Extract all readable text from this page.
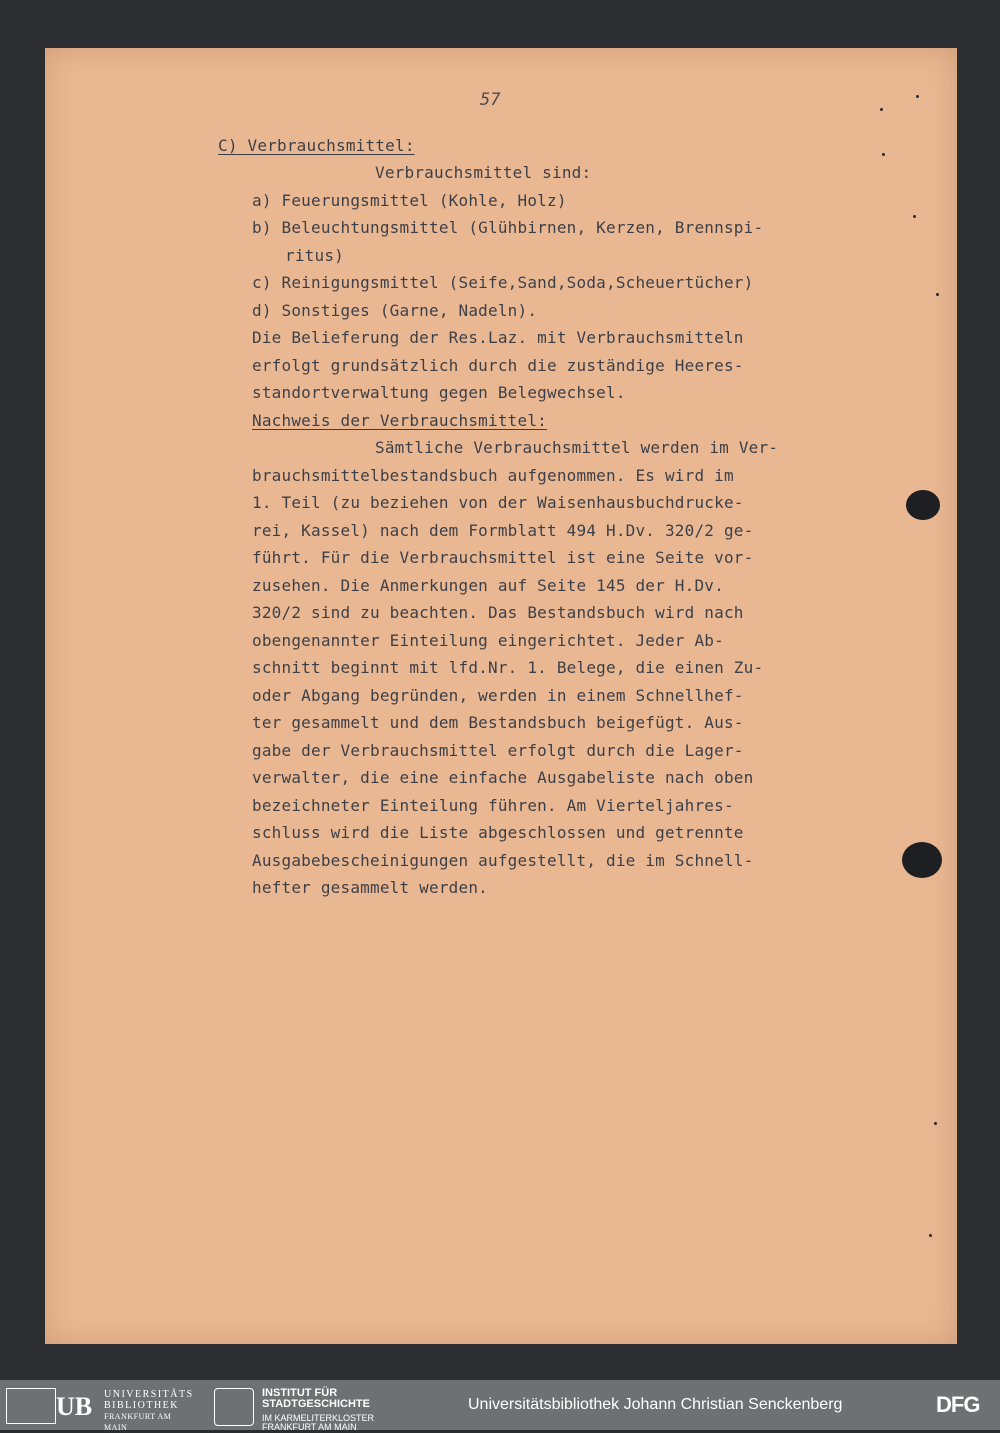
57
C) Verbrauchsmittel:
Verbrauchsmittel sind:
a) Feuerungsmittel (Kohle, Holz)
b) Beleuchtungsmittel (Glühbirnen, Kerzen, Brennspi-
ritus)
c) Reinigungsmittel (Seife,Sand,Soda,Scheuertücher)
d) Sonstiges (Garne, Nadeln).
Die Belieferung der Res.Laz. mit Verbrauchsmitteln
erfolgt grundsätzlich durch die zuständige Heeres-
standortverwaltung gegen Belegwechsel.
Nachweis der Verbrauchsmittel:
Sämtliche Verbrauchsmittel werden im Ver-
brauchsmittelbestandsbuch aufgenommen. Es wird im
1. Teil (zu beziehen von der Waisenhausbuchdrucke-
rei, Kassel) nach dem Formblatt 494 H.Dv. 320/2 ge-
führt. Für die Verbrauchsmittel ist eine Seite vor-
zusehen. Die Anmerkungen auf Seite 145 der H.Dv.
320/2 sind zu beachten. Das Bestandsbuch wird nach
obengenannter Einteilung eingerichtet. Jeder Ab-
schnitt beginnt mit lfd.Nr. 1. Belege, die einen Zu-
oder Abgang begründen, werden in einem Schnellhef-
ter gesammelt und dem Bestandsbuch beigefügt. Aus-
gabe der Verbrauchsmittel erfolgt durch die Lager-
verwalter, die eine einfache Ausgabeliste nach oben
bezeichneter Einteilung führen. Am Vierteljahres-
schluss wird die Liste abgeschlossen und getrennte
Ausgabebescheinigungen aufgestellt, die im Schnell-
hefter gesammelt werden.
UB UNIVERSITÄTS
BIBLIOTHEK
FRANKFURT AM MAIN
INSTITUT FÜR
STADTGESCHICHTE
IM KARMELITERKLOSTER
FRANKFURT AM MAIN
Universitätsbibliothek Johann Christian Senckenberg	DFG
